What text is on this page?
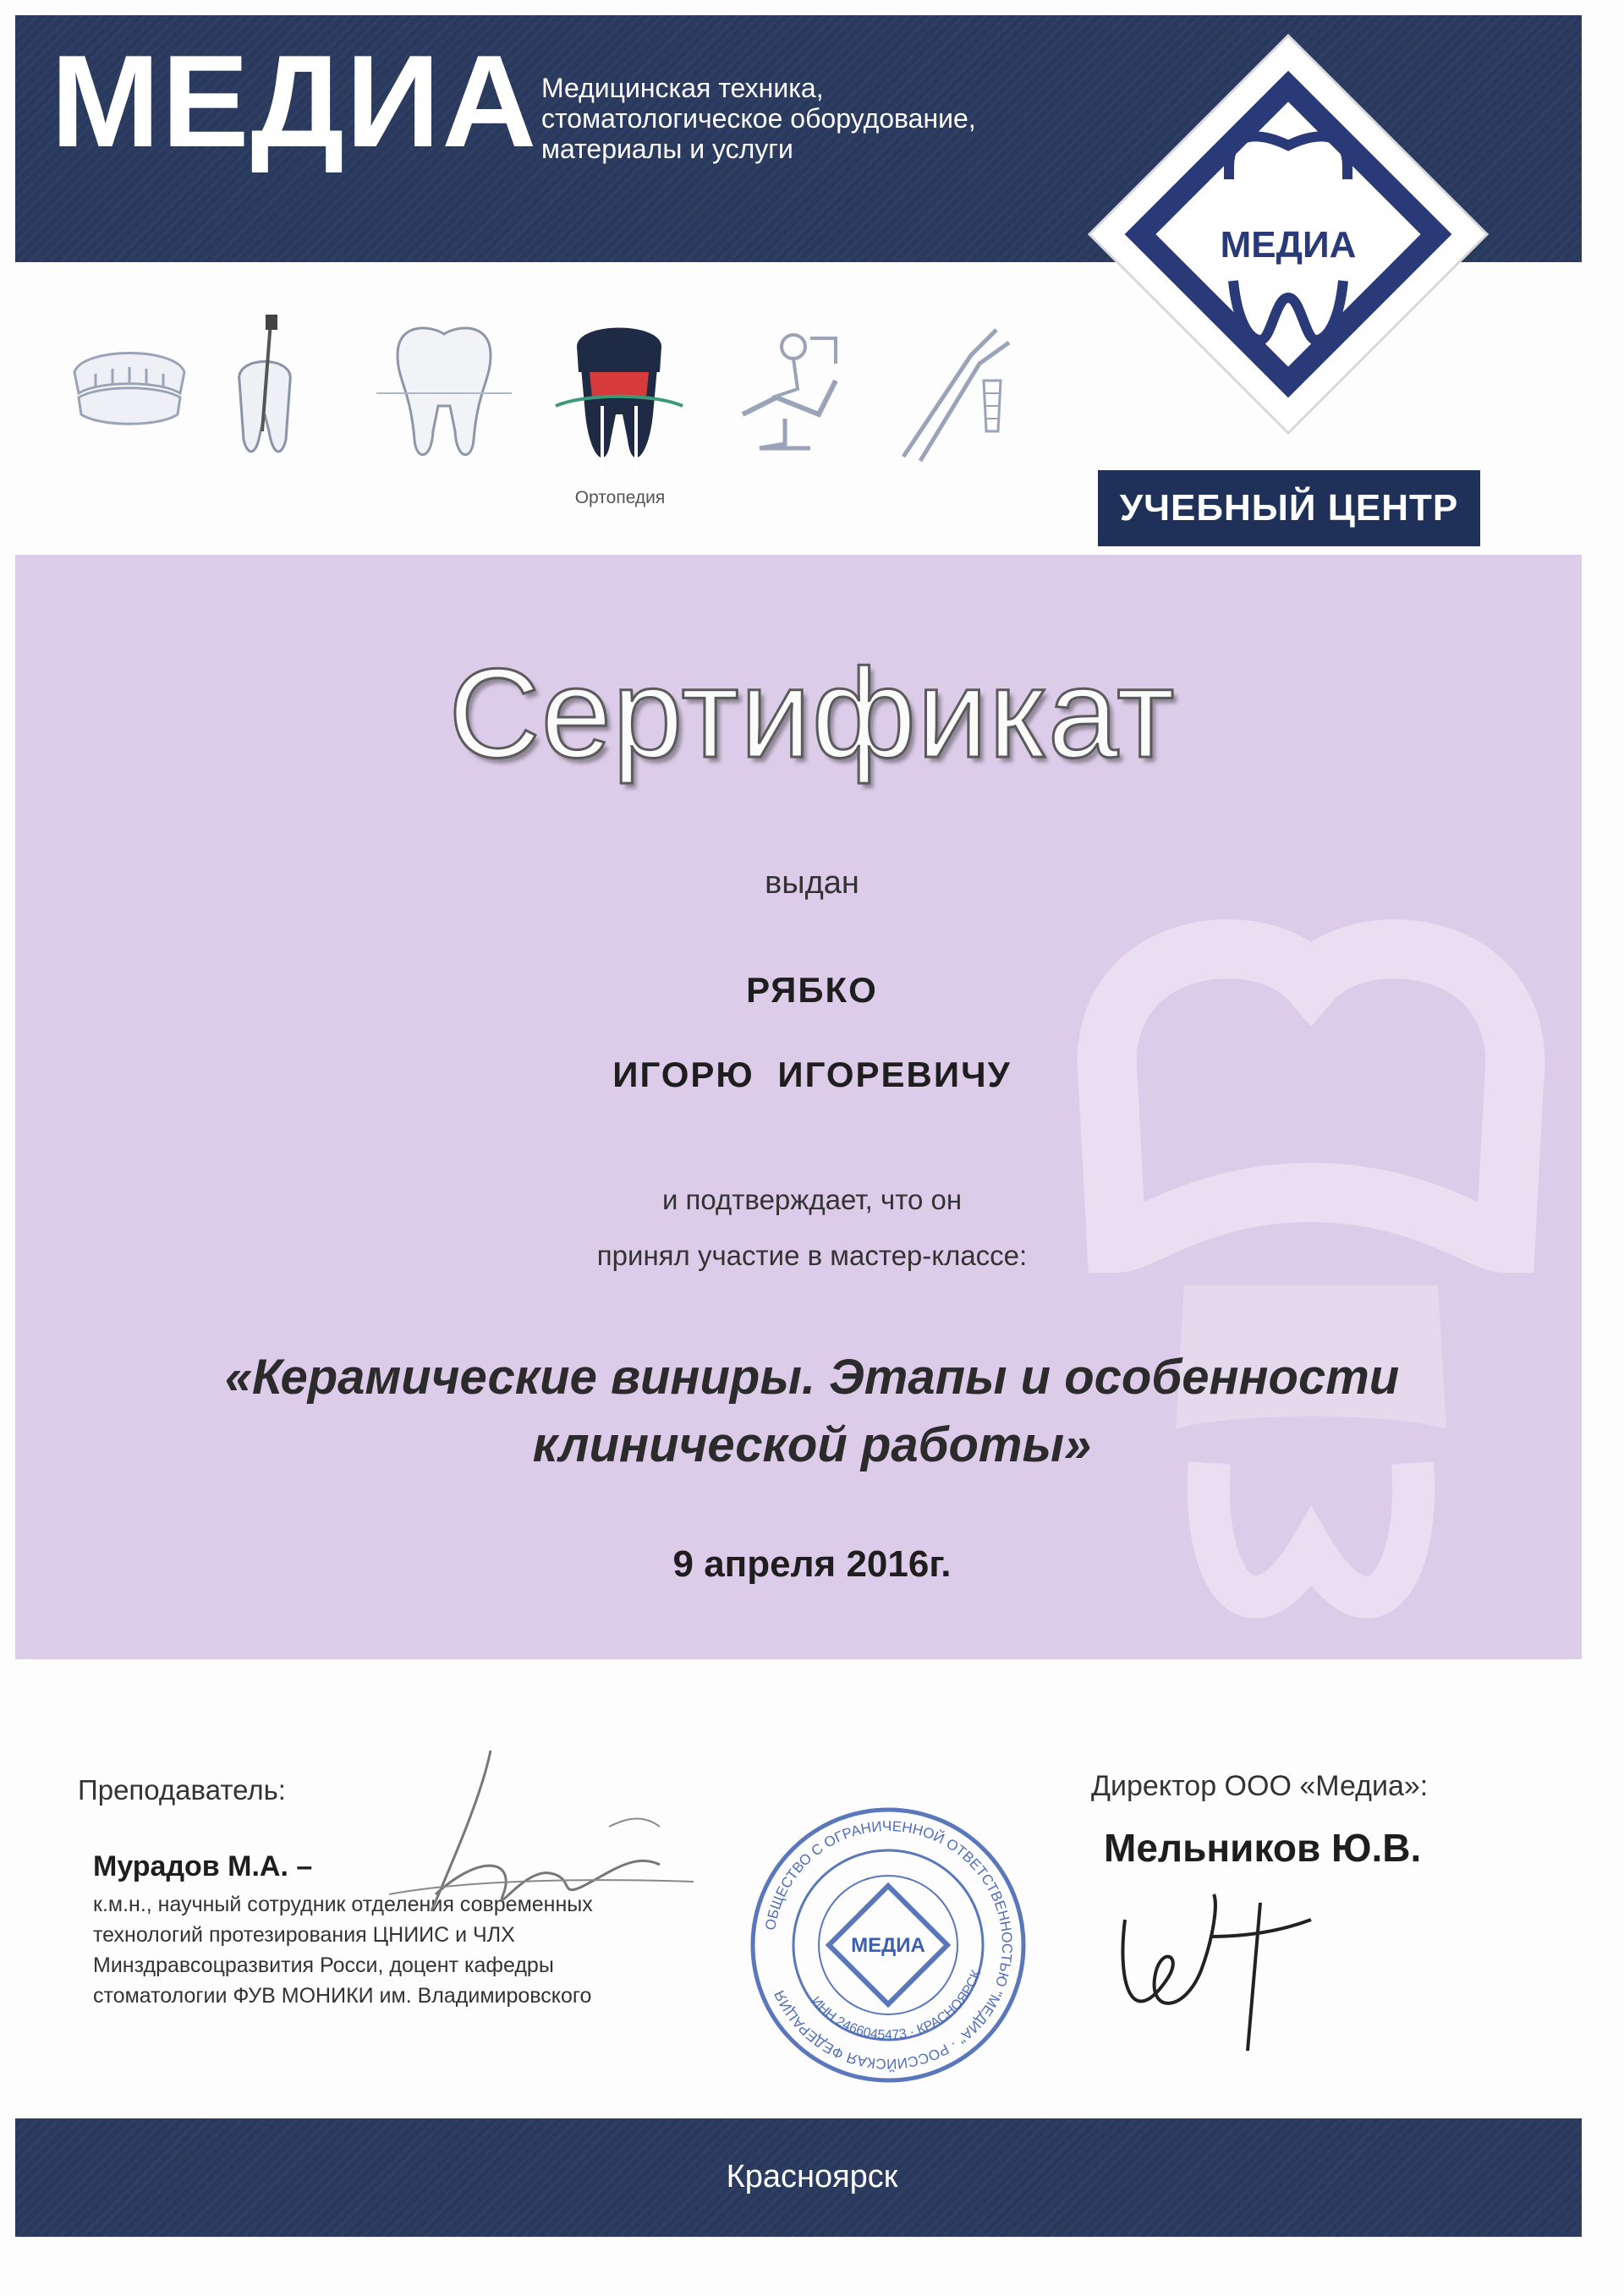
МЕДИА Медицинская техника,
стоматологическое оборудование,
материалы и услуги
МЕДИА
УЧЕБНЫЙ ЦЕНТР
Ортопедия
Сертификат
выдан
РЯБКО
ИГОРЮ ИГОРЕВИЧУ
и подтверждает, что он
принял участие в мастер-классе:
«Керамические виниры. Этапы и особенности
клинической работы»
9 апреля 2016г.
Преподаватель:
Мурадов М.А. –
к.м.н., научный сотрудник отделения современных
технологий протезирования ЦНИИС и ЧЛХ
Минздравсоцразвития Росси, доцент кафедры
стоматологии ФУВ МОНИКИ им. Владимировского
ОБЩЕСТВО С ОГРАНИЧЕННОЙ ОТВЕТСТВЕННОСТЬЮ "МЕДИА" · РОССИЙСКАЯ ФЕДЕРАЦИЯ	ИНН 2466045473 · КРАСНОЯРСК
МЕДИА
Директор ООО «Медиа»:
Мельников Ю.В.
Красноярск
